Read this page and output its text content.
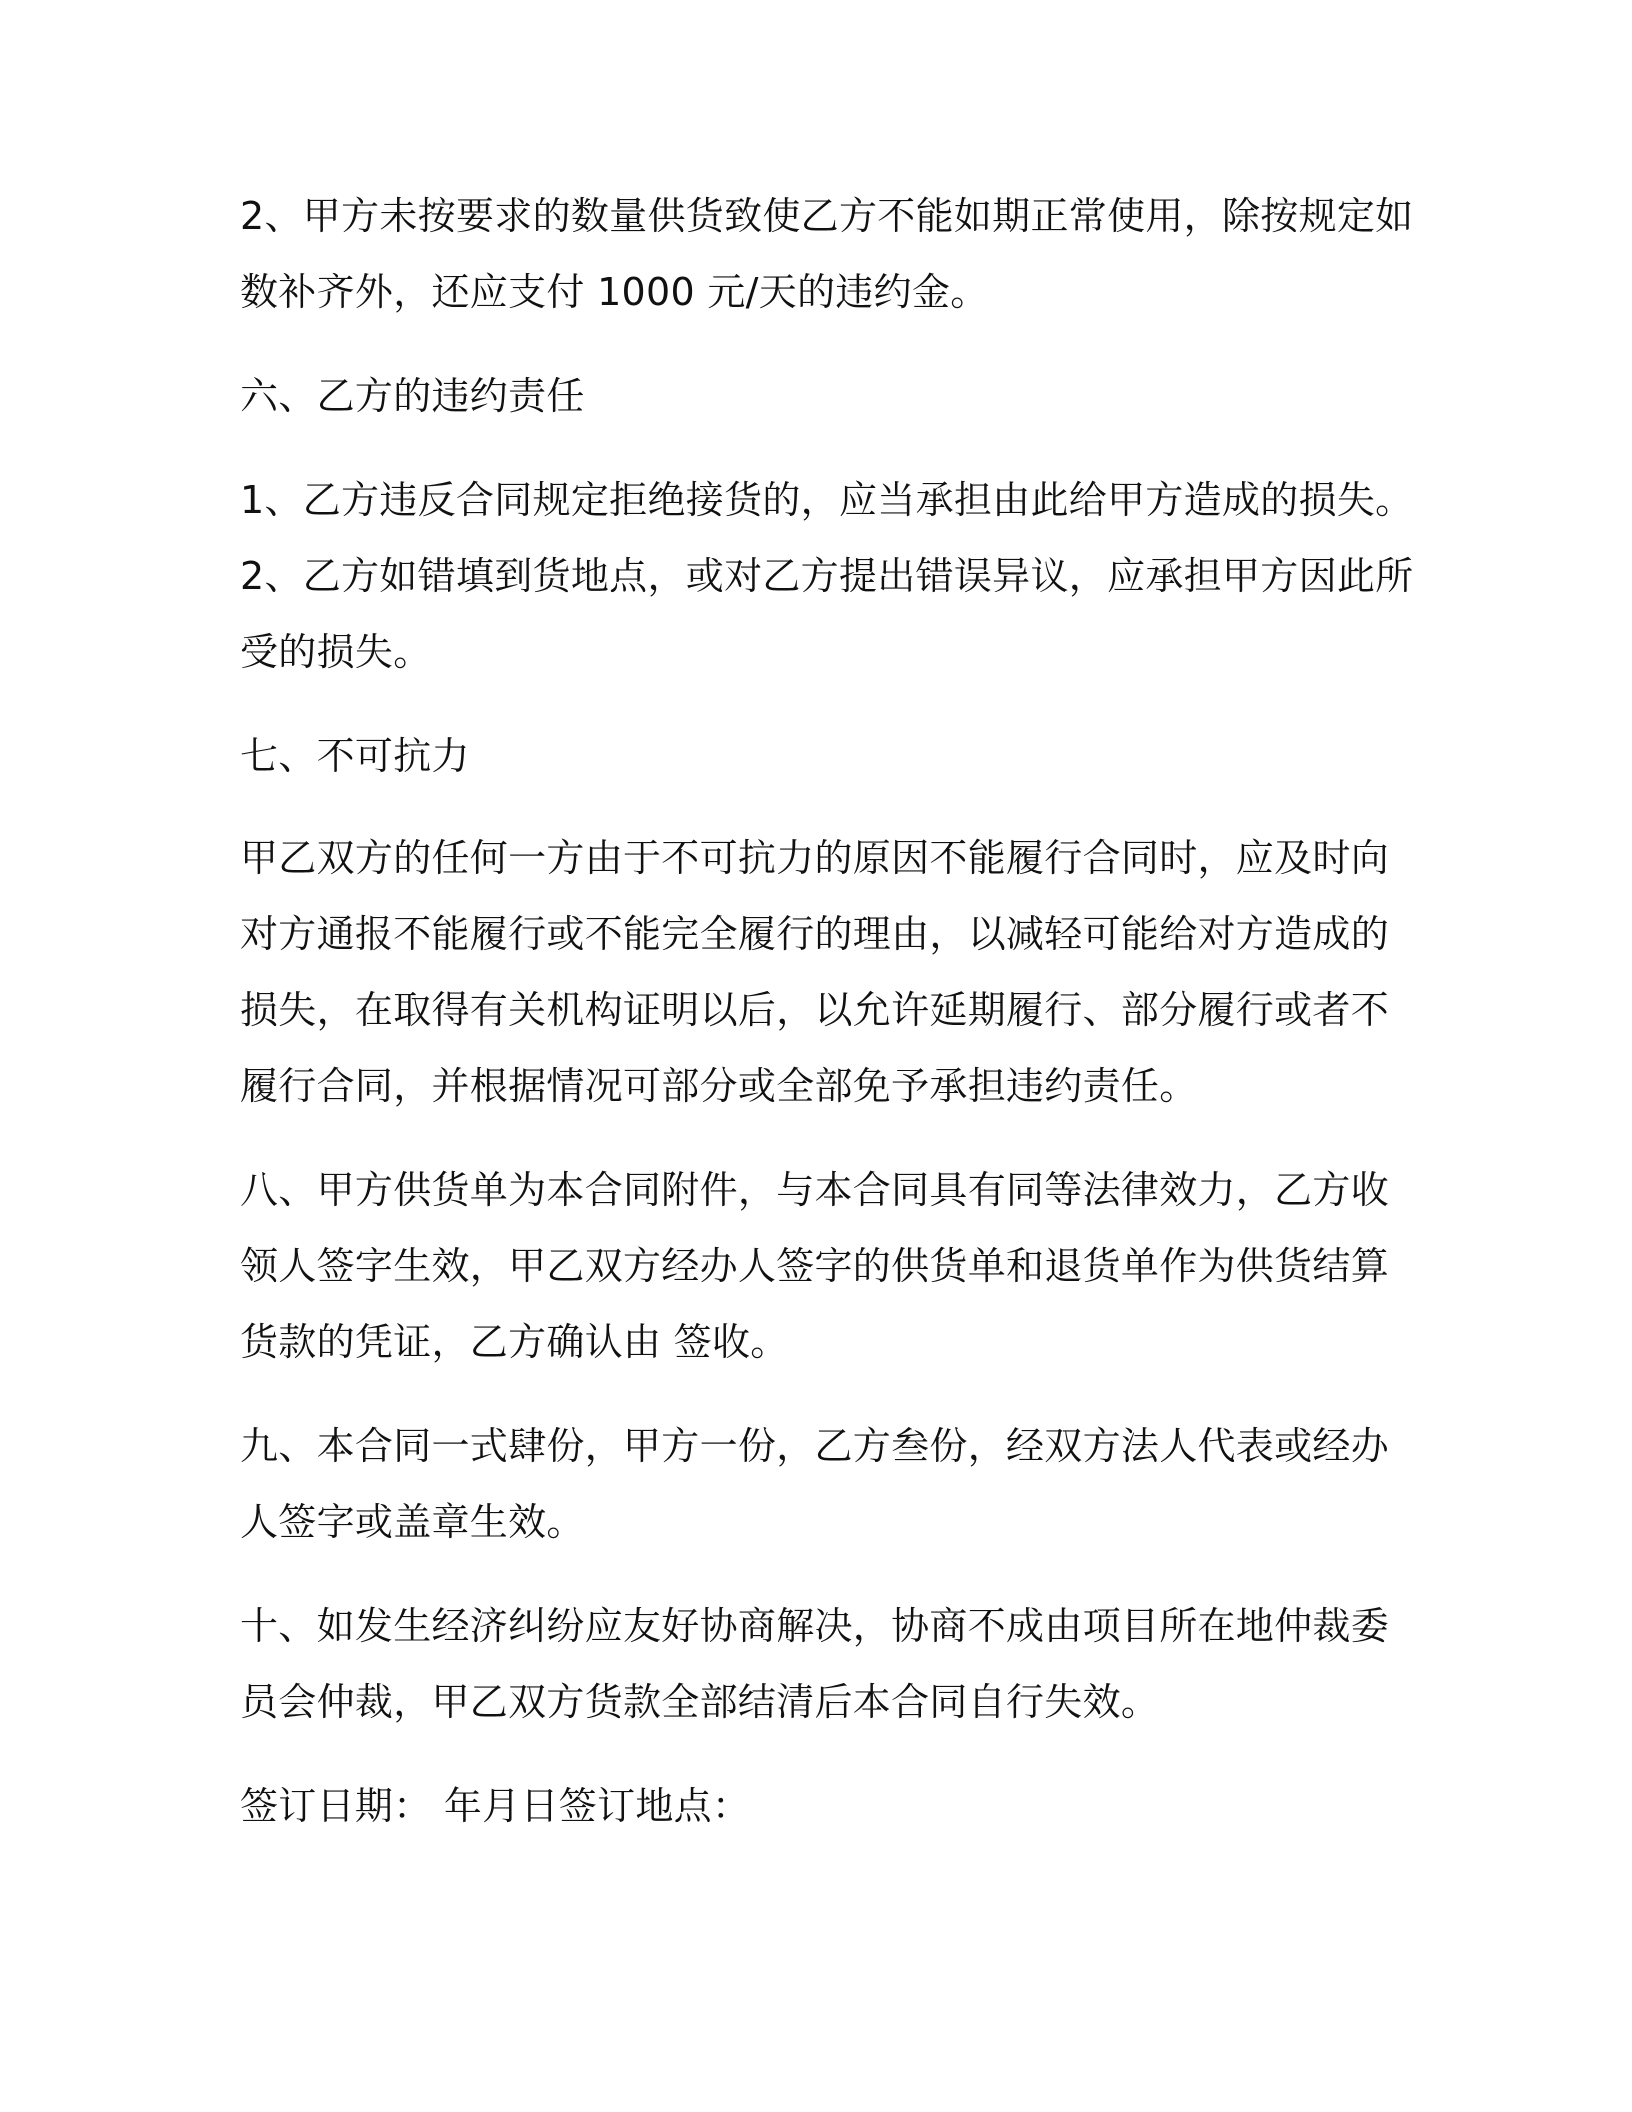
2、甲方未按要求的数量供货致使乙方不能如期正常使用，除按规定如

数补齐外，还应支付 1000 元/天的违约金。

六、乙方的违约责任

1、乙方违反合同规定拒绝接货的，应当承担由此给甲方造成的损失。

2、乙方如错填到货地点，或对乙方提出错误异议，应承担甲方因此所

受的损失。

七、不可抗力

甲乙双方的任何一方由于不可抗力的原因不能履行合同时，应及时向

对方通报不能履行或不能完全履行的理由，以减轻可能给对方造成的

损失，在取得有关机构证明以后，以允许延期履行、部分履行或者不

履行合同，并根据情况可部分或全部免予承担违约责任。

八、甲方供货单为本合同附件，与本合同具有同等法律效力，乙方收

领人签字生效，甲乙双方经办人签字的供货单和退货单作为供货结算

货款的凭证，乙方确认由 签收。

九、本合同一式肆份，甲方一份，乙方叁份，经双方法人代表或经办

人签字或盖章生效。

十、如发生经济纠纷应友好协商解决，协商不成由项目所在地仲裁委

员会仲裁，甲乙双方货款全部结清后本合同自行失效。

签订日期： 年月日签订地点：
